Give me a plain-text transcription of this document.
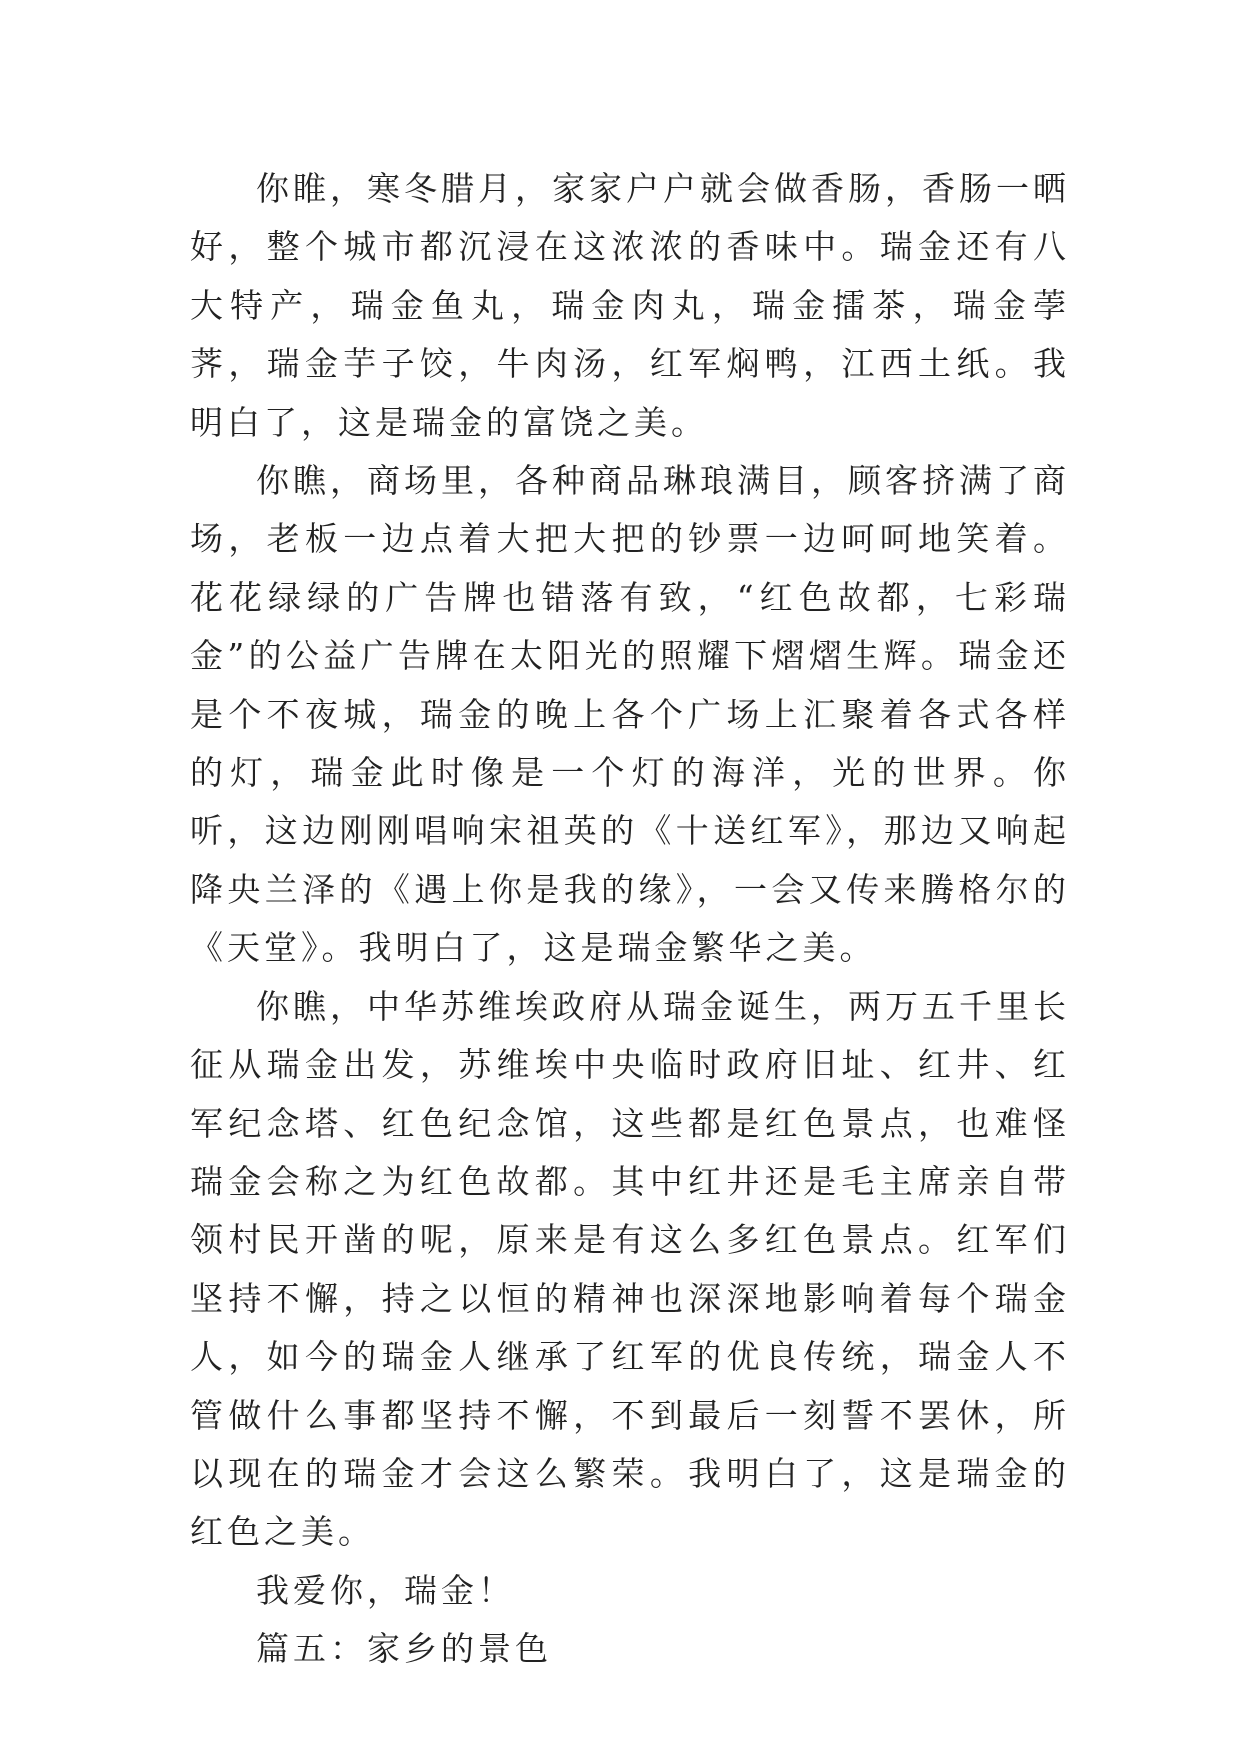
你睢，寒冬腊月，家家户户就会做香肠，香肠一晒好，整个城市都沉浸在这浓浓的香味中。瑞金还有八大特产，瑞金鱼丸，瑞金肉丸，瑞金擂茶，瑞金荸荠，瑞金芋子饺，牛肉汤，红军焖鸭，江西土纸。我明白了，这是瑞金的富饶之美。

你瞧，商场里，各种商品琳琅满目，顾客挤满了商场，老板一边点着大把大把的钞票一边呵呵地笑着。花花绿绿的广告牌也错落有致，“红色故都，七彩瑞金”的公益广告牌在太阳光的照耀下熠熠生辉。瑞金还是个不夜城，瑞金的晚上各个广场上汇聚着各式各样的灯，瑞金此时像是一个灯的海洋，光的世界。你听，这边刚刚唱响宋祖英的《十送红军》，那边又响起降央兰泽的《遇上你是我的缘》，一会又传来腾格尔的《天堂》。我明白了，这是瑞金繁华之美。

你瞧，中华苏维埃政府从瑞金诞生，两万五千里长征从瑞金出发，苏维埃中央临时政府旧址、红井、红军纪念塔、红色纪念馆，这些都是红色景点，也难怪瑞金会称之为红色故都。其中红井还是毛主席亲自带领村民开凿的呢，原来是有这么多红色景点。红军们坚持不懈，持之以恒的精神也深深地影响着每个瑞金人，如今的瑞金人继承了红军的优良传统，瑞金人不管做什么事都坚持不懈，不到最后一刻誓不罢休，所以现在的瑞金才会这么繁荣。我明白了，这是瑞金的红色之美。

我爱你，瑞金！

篇五：家乡的景色
